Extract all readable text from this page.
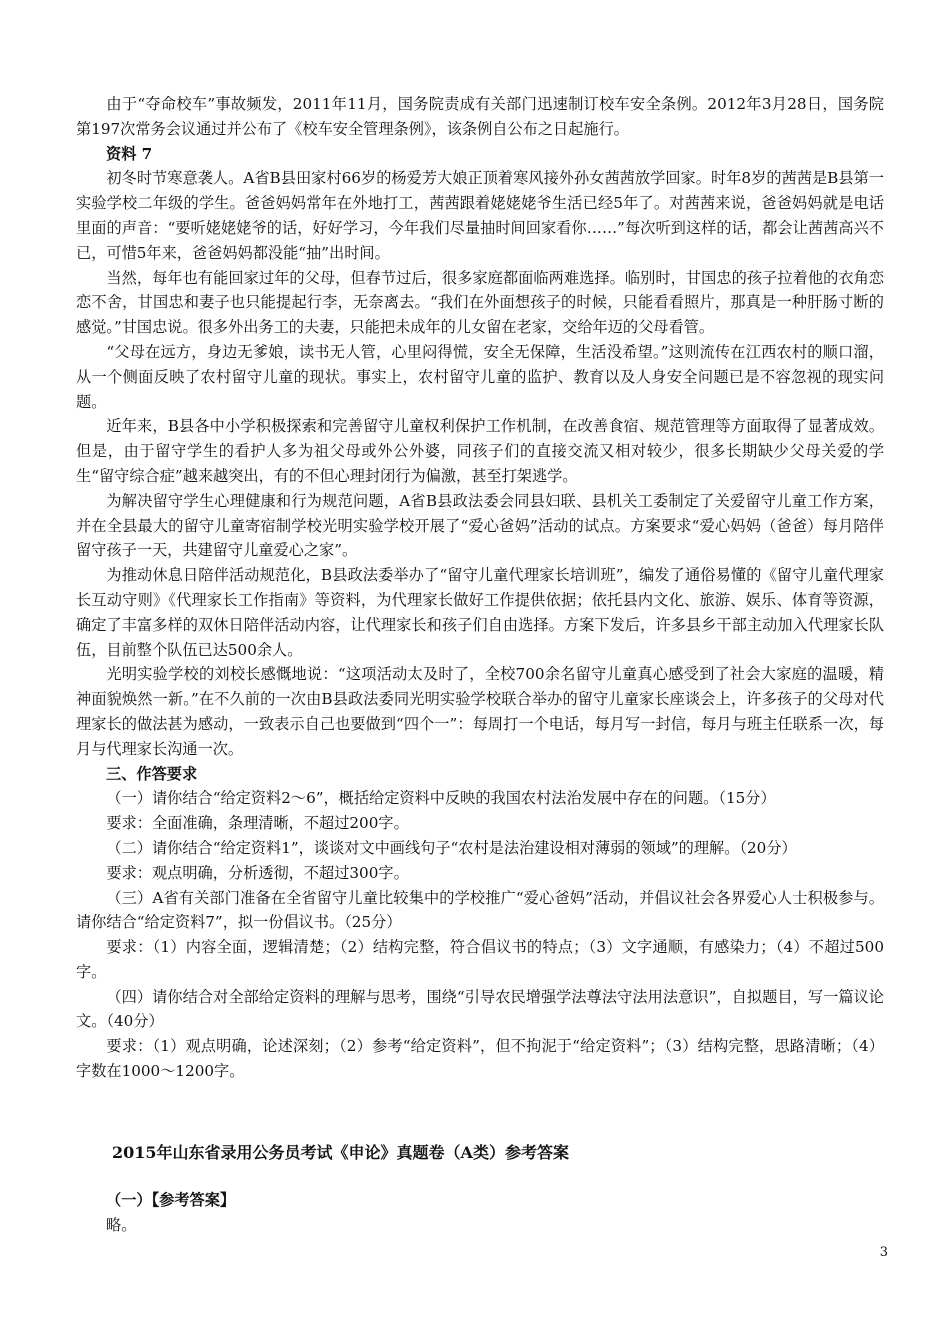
由于“夺命校车”事故频发，2011年11月，国务院责成有关部门迅速制订校车安全条例。2012年3月28日，国务院第197次常务会议通过并公布了《校车安全管理条例》，该条例自公布之日起施行。

资料 7

初冬时节寒意袭人。A省B县田家村66岁的杨爱芳大娘正顶着寒风接外孙女茜茜放学回家。时年8岁的茜茜是B县第一实验学校二年级的学生。爸爸妈妈常年在外地打工，茜茜跟着姥姥姥爷生活已经5年了。对茜茜来说，爸爸妈妈就是电话里面的声音：“要听姥姥姥爷的话，好好学习，今年我们尽量抽时间回家看你……”每次听到这样的话，都会让茜茜高兴不已，可惜5年来，爸爸妈妈都没能“抽”出时间。

当然，每年也有能回家过年的父母，但春节过后，很多家庭都面临两难选择。临别时，甘国忠的孩子拉着他的衣角恋恋不舍，甘国忠和妻子也只能提起行李，无奈离去。“我们在外面想孩子的时候，只能看看照片，那真是一种肝肠寸断的感觉。”甘国忠说。很多外出务工的夫妻，只能把未成年的儿女留在老家，交给年迈的父母看管。

“父母在远方，身边无爹娘，读书无人管，心里闷得慌，安全无保障，生活没希望。”这则流传在江西农村的顺口溜，从一个侧面反映了农村留守儿童的现状。事实上，农村留守儿童的监护、教育以及人身安全问题已是不容忽视的现实问题。

近年来，B县各中小学积极探索和完善留守儿童权利保护工作机制，在改善食宿、规范管理等方面取得了显著成效。但是，由于留守学生的看护人多为祖父母或外公外婆，同孩子们的直接交流又相对较少，很多长期缺少父母关爱的学生“留守综合症”越来越突出，有的不但心理封闭行为偏激，甚至打架逃学。

为解决留守学生心理健康和行为规范问题，A省B县政法委会同县妇联、县机关工委制定了关爱留守儿童工作方案，并在全县最大的留守儿童寄宿制学校光明实验学校开展了“爱心爸妈”活动的试点。方案要求“爱心妈妈（爸爸）每月陪伴留守孩子一天，共建留守儿童爱心之家”。

为推动休息日陪伴活动规范化，B县政法委举办了“留守儿童代理家长培训班”，编发了通俗易懂的《留守儿童代理家长互动守则》《代理家长工作指南》等资料，为代理家长做好工作提供依据；依托县内文化、旅游、娱乐、体育等资源，确定了丰富多样的双休日陪伴活动内容，让代理家长和孩子们自由选择。方案下发后，许多县乡干部主动加入代理家长队伍，目前整个队伍已达500余人。

光明实验学校的刘校长感慨地说：“这项活动太及时了，全校700余名留守儿童真心感受到了社会大家庭的温暖，精神面貌焕然一新。”在不久前的一次由B县政法委同光明实验学校联合举办的留守儿童家长座谈会上，许多孩子的父母对代理家长的做法甚为感动，一致表示自己也要做到“四个一”：每周打一个电话，每月写一封信，每月与班主任联系一次，每月与代理家长沟通一次。

三、作答要求

（一）请你结合“给定资料2～6”，概括给定资料中反映的我国农村法治发展中存在的问题。（15分）

要求：全面准确，条理清晰，不超过200字。

（二）请你结合“给定资料1”，谈谈对文中画线句子“农村是法治建设相对薄弱的领域”的理解。（20分）

要求：观点明确，分析透彻，不超过300字。

（三）A省有关部门准备在全省留守儿童比较集中的学校推广“爱心爸妈”活动，并倡议社会各界爱心人士积极参与。请你结合“给定资料7”，拟一份倡议书。（25分）

要求：（1）内容全面，逻辑清楚；（2）结构完整，符合倡议书的特点；（3）文字通顺，有感染力；（4）不超过500字。

（四）请你结合对全部给定资料的理解与思考，围绕“引导农民增强学法尊法守法用法意识”，自拟题目，写一篇议论文。（40分）

要求：（1）观点明确，论述深刻；（2）参考“给定资料”，但不拘泥于“给定资料”；（3）结构完整，思路清晰；（4）字数在1000～1200字。

2015年山东省录用公务员考试《申论》真题卷（A类）参考答案
（一）【参考答案】
略。
3
